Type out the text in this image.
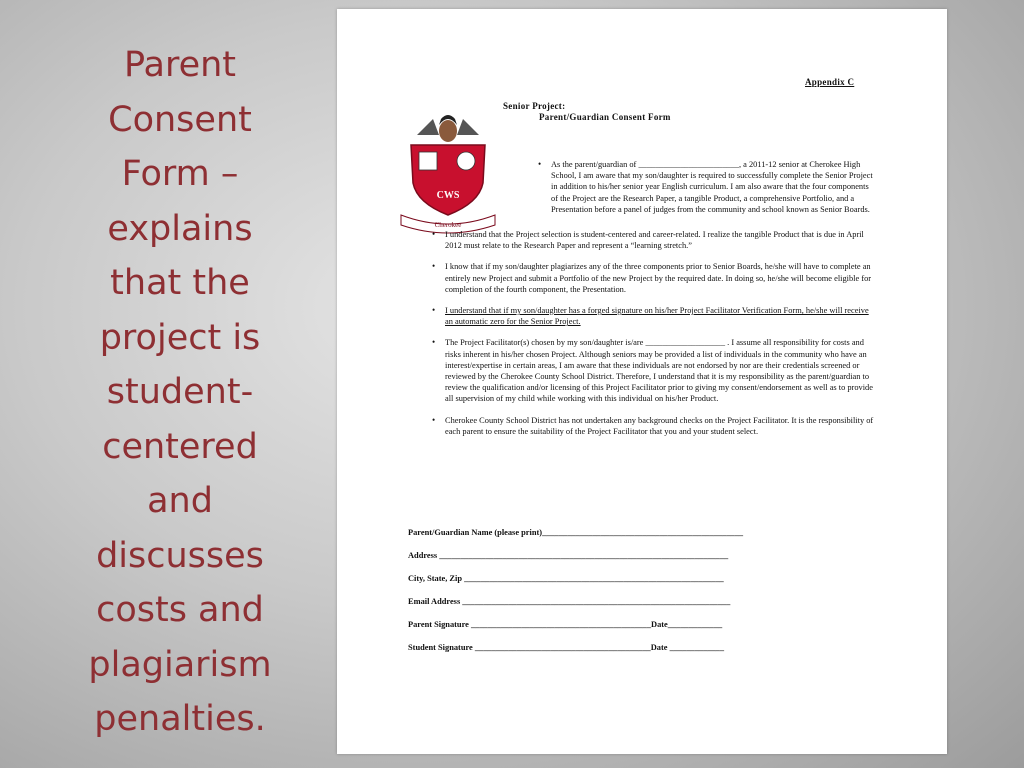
Parent
Consent
Form –
explains
that the
project is
student-
centered
and
discusses
costs and
plagiarism
penalties.
Appendix C
Senior Project:
Parent/Guardian Consent Form
CWS
Cherokee
• As the parent/guardian of ________________________, a 2011-12 senior at Cherokee High School, I am aware that my son/daughter is required to successfully complete the Senior Project in addition to his/her senior year English curriculum. I am also aware that the four components of the Project are the Research Paper, a tangible Product, a comprehensive Portfolio, and a Presentation before a panel of judges from the community and school known as Senior Boards.
• I understand that the Project selection is student-centered and career-related. I realize the tangible Product that is due in April 2012 must relate to the Research Paper and represent a “learning stretch.”
• I know that if my son/daughter plagiarizes any of the three components prior to Senior Boards, he/she will have to complete an entirely new Project and submit a Portfolio of the new Project by the required date. In doing so, he/she will become eligible for completion of the fourth component, the Presentation.
• I understand that if my son/daughter has a forged signature on his/her Project Facilitator Verification Form, he/she will receive an automatic zero for the Senior Project.
• The Project Facilitator(s) chosen by my son/daughter is/are ___________________ . I assume all responsibility for costs and risks inherent in his/her chosen Project. Although seniors may be provided a list of individuals in the community who have an interest/expertise in certain areas, I am aware that these individuals are not endorsed by nor are their credentials screened or reviewed by the Cherokee County School District. Therefore, I understand that it is my responsibility as the parent/guardian to review the qualification and/or licensing of this Project Facilitator prior to giving my consent/endorsement as well as to provide all supervision of my child while working with this individual on his/her Product.
• Cherokee County School District has not undertaken any background checks on the Project Facilitator. It is the responsibility of each parent to ensure the suitability of the Project Facilitator that you and your student select.
Parent/Guardian Name (please print)________________________________________________
Address _____________________________________________________________________
City, State, Zip ______________________________________________________________
Email Address ________________________________________________________________
Parent Signature ___________________________________________Date_____________
Student Signature __________________________________________Date _____________
